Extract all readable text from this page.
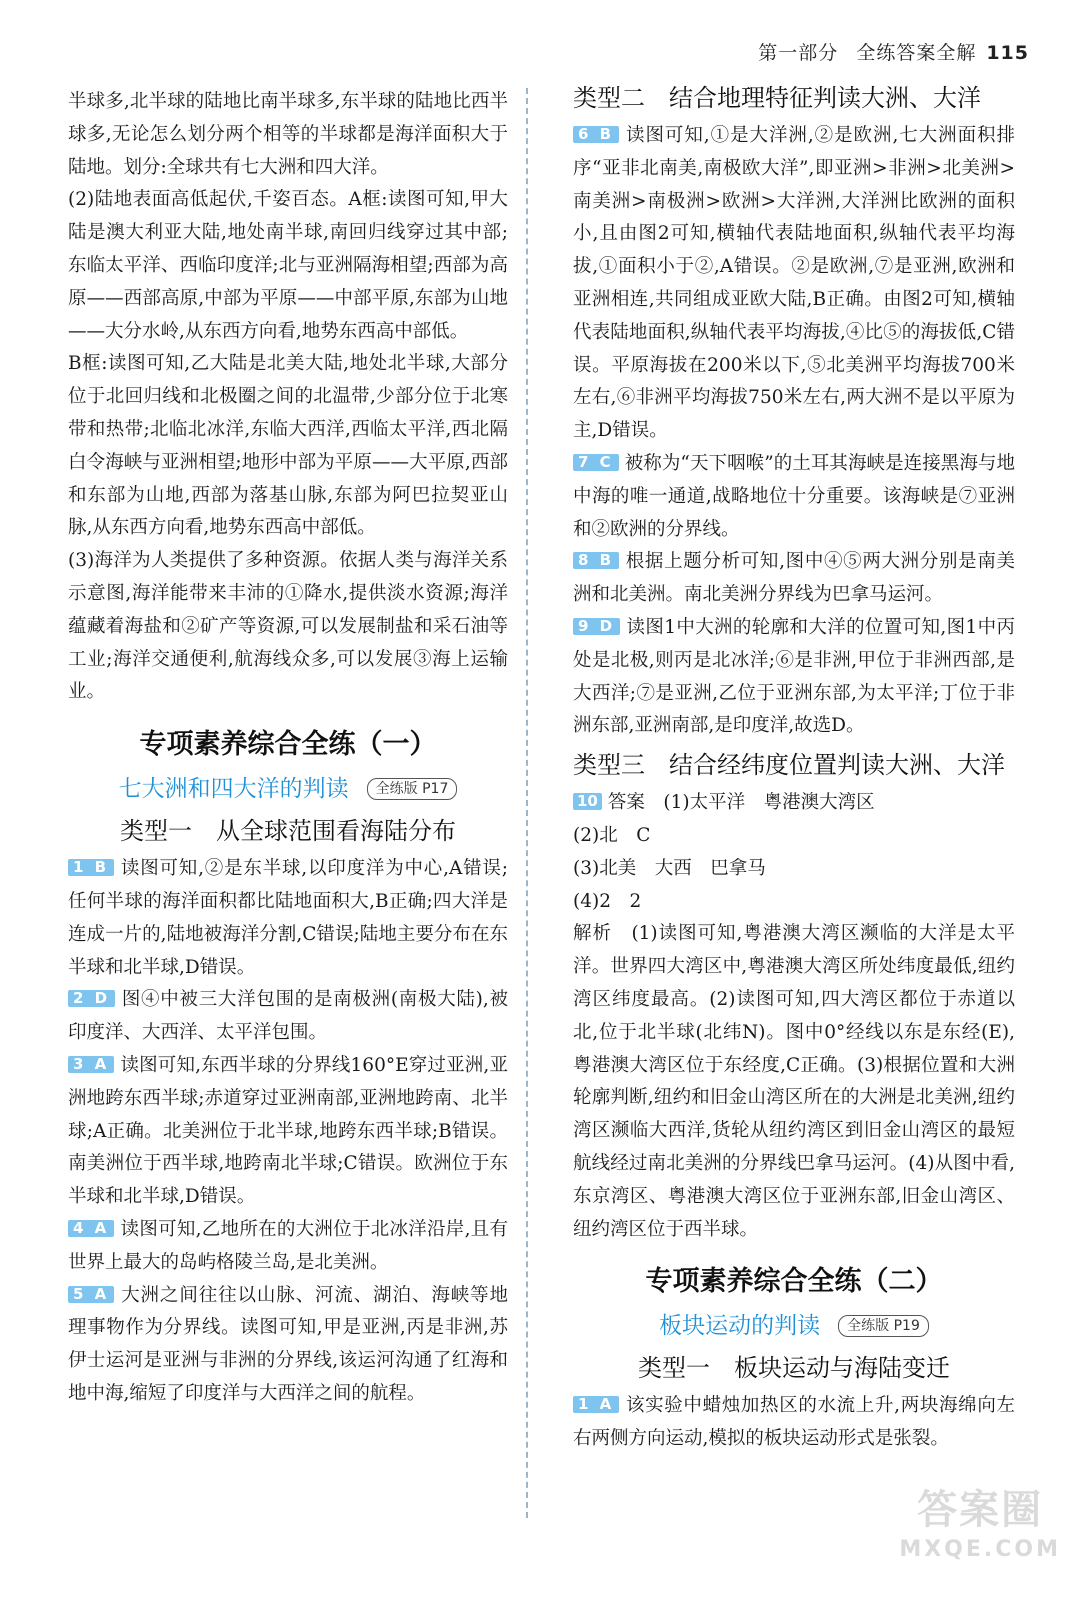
第一部分 全练答案全解 115

半球多,北半球的陆地比南半球多,东半球的陆地比西半球多,无论怎么划分两个相等的半球都是海洋面积大于陆地。划分:全球共有七大洲和四大洋。

(2)陆地表面高低起伏,千姿百态。A框:读图可知,甲大陆是澳大利亚大陆,地处南半球,南回归线穿过其中部;东临太平洋、西临印度洋;北与亚洲隔海相望;西部为高原——西部高原,中部为平原——中部平原,东部为山地——大分水岭,从东西方向看,地势东西高中部低。

B框:读图可知,乙大陆是北美大陆,地处北半球,大部分位于北回归线和北极圈之间的北温带,少部分位于北寒带和热带;北临北冰洋,东临大西洋,西临太平洋,西北隔白令海峡与亚洲相望;地形中部为平原——大平原,西部和东部为山地,西部为落基山脉,东部为阿巴拉契亚山脉,从东西方向看,地势东西高中部低。

(3)海洋为人类提供了多种资源。依据人类与海洋关系示意图,海洋能带来丰沛的①降水,提供淡水资源;海洋蕴藏着海盐和②矿产等资源,可以发展制盐和采石油等工业;海洋交通便利,航海线众多,可以发展③海上运输业。

专项素养综合全练（一）
七大洲和四大洋的判读	全练版 P17
类型一　从全球范围看海陆分布

1 B 读图可知,②是东半球,以印度洋为中心,A错误;任何半球的海洋面积都比陆地面积大,B正确;四大洋是连成一片的,陆地被海洋分割,C错误;陆地主要分布在东半球和北半球,D错误。

2 D 图④中被三大洋包围的是南极洲(南极大陆),被印度洋、大西洋、太平洋包围。

3 A 读图可知,东西半球的分界线160°E穿过亚洲,亚洲地跨东西半球;赤道穿过亚洲南部,亚洲地跨南、北半球;A正确。北美洲位于北半球,地跨东西半球;B错误。南美洲位于西半球,地跨南北半球;C错误。欧洲位于东半球和北半球,D错误。

4 A 读图可知,乙地所在的大洲位于北冰洋沿岸,且有世界上最大的岛屿格陵兰岛,是北美洲。

5 A 大洲之间往往以山脉、河流、湖泊、海峡等地理事物作为分界线。读图可知,甲是亚洲,丙是非洲,苏伊士运河是亚洲与非洲的分界线,该运河沟通了红海和地中海,缩短了印度洋与大西洋之间的航程。

类型二　结合地理特征判读大洲、大洋

6 B 读图可知,①是大洋洲,②是欧洲,七大洲面积排序“亚非北南美,南极欧大洋”,即亚洲>非洲>北美洲>南美洲>南极洲>欧洲>大洋洲,大洋洲比欧洲的面积小,且由图2可知,横轴代表陆地面积,纵轴代表平均海拔,①面积小于②,A错误。②是欧洲,⑦是亚洲,欧洲和亚洲相连,共同组成亚欧大陆,B正确。由图2可知,横轴代表陆地面积,纵轴代表平均海拔,④比⑤的海拔低,C错误。平原海拔在200米以下,⑤北美洲平均海拔700米左右,⑥非洲平均海拔750米左右,两大洲不是以平原为主,D错误。

7 C 被称为“天下咽喉”的土耳其海峡是连接黑海与地中海的唯一通道,战略地位十分重要。该海峡是⑦亚洲和②欧洲的分界线。

8 B 根据上题分析可知,图中④⑤两大洲分别是南美洲和北美洲。南北美洲分界线为巴拿马运河。

9 D 读图1中大洲的轮廓和大洋的位置可知,图1中丙处是北极,则丙是北冰洋;⑥是非洲,甲位于非洲西部,是大西洋;⑦是亚洲,乙位于亚洲东部,为太平洋;丁位于非洲东部,亚洲南部,是印度洋,故选D。

类型三　结合经纬度位置判读大洲、大洋

10 答案　 (1)太平洋　粤港澳大湾区

(2)北　C

(3)北美　大西　巴拿马

(4)2　2

解析　 (1)读图可知,粤港澳大湾区濒临的大洋是太平洋。世界四大湾区中,粤港澳大湾区所处纬度最低,纽约湾区纬度最高。(2)读图可知,四大湾区都位于赤道以北,位于北半球(北纬N)。图中0°经线以东是东经(E),粤港澳大湾区位于东经度,C正确。(3)根据位置和大洲轮廓判断,纽约和旧金山湾区所在的大洲是北美洲,纽约湾区濒临大西洋,货轮从纽约湾区到旧金山湾区的最短航线经过南北美洲的分界线巴拿马运河。(4)从图中看,东京湾区、粤港澳大湾区位于亚洲东部,旧金山湾区、纽约湾区位于西半球。

专项素养综合全练（二）
板块运动的判读	全练版 P19
类型一　板块运动与海陆变迁

1 A 该实验中蜡烛加热区的水流上升,两块海绵向左右两侧方向运动,模拟的板块运动形式是张裂。

答案圈
MXQE.COM
